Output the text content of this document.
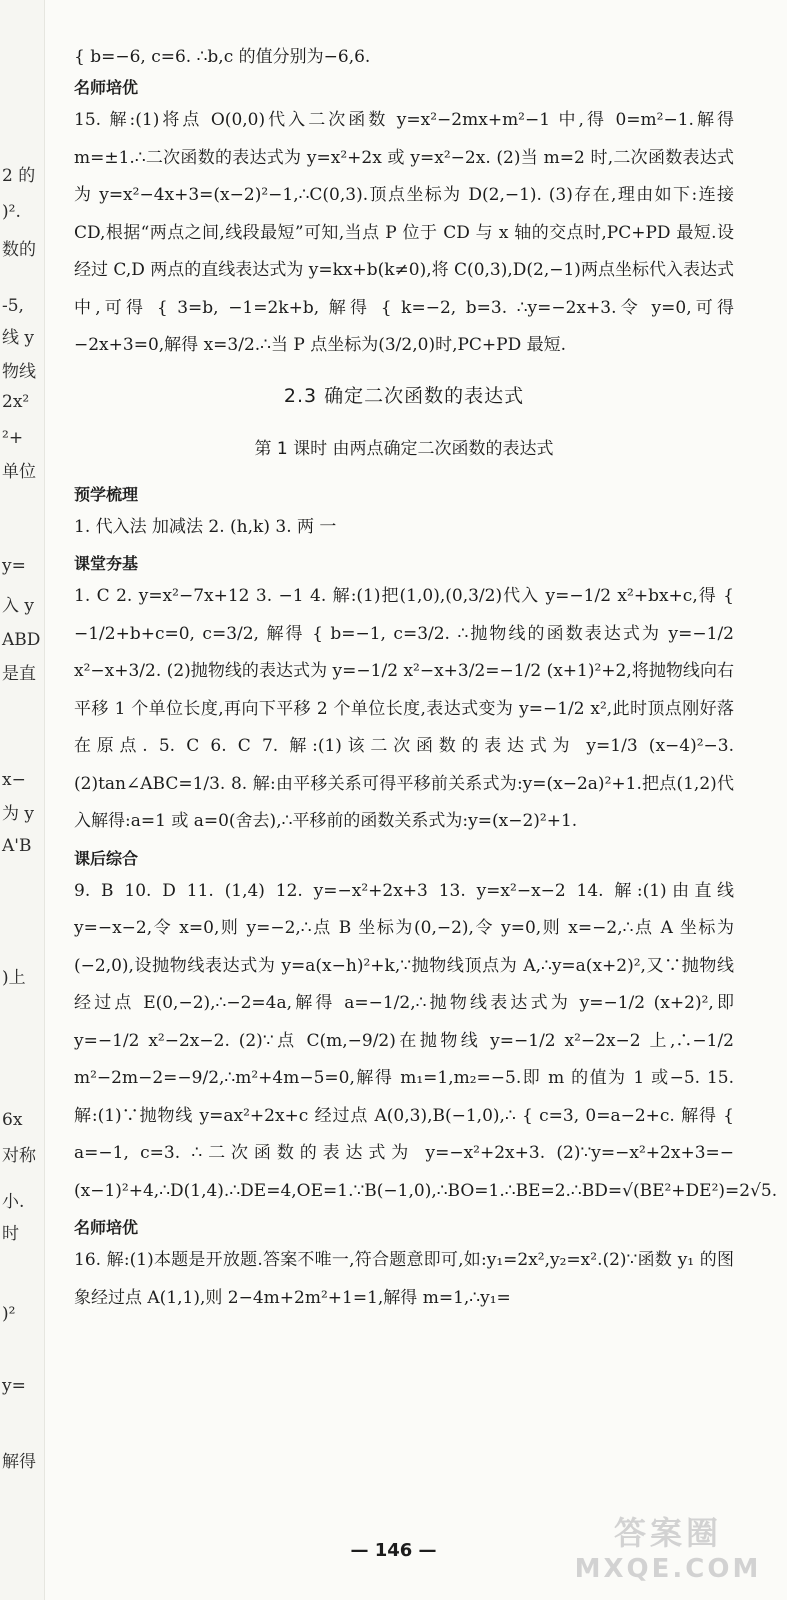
2 的
)².
数的
-5,
线 y
物线
2x²
²+
单位
y=
入 y
ABD
是直
x−
为 y
A'B
)上
6x
对称
小.
时
)²
y=
解得

{ b=−6, c=6. ∴b,c 的值分别为−6,6.

名师培优

15. 解:(1)将点 O(0,0)代入二次函数 y=x²−2mx+m²−1 中,得 0=m²−1.解得 m=±1.∴二次函数的表达式为 y=x²+2x 或 y=x²−2x. (2)当 m=2 时,二次函数表达式为 y=x²−4x+3=(x−2)²−1,∴C(0,3).顶点坐标为 D(2,−1). (3)存在,理由如下:连接 CD,根据“两点之间,线段最短”可知,当点 P 位于 CD 与 x 轴的交点时,PC+PD 最短.设经过 C,D 两点的直线表达式为 y=kx+b(k≠0),将 C(0,3),D(2,−1)两点坐标代入表达式中,可得 { 3=b, −1=2k+b, 解得 { k=−2, b=3. ∴y=−2x+3.令 y=0,可得−2x+3=0,解得 x=3/2.∴当 P 点坐标为(3/2,0)时,PC+PD 最短.

2.3 确定二次函数的表达式

第 1 课时 由两点确定二次函数的表达式

预学梳理

1. 代入法 加减法 2. (h,k) 3. 两 一

课堂夯基

1. C 2. y=x²−7x+12 3. −1 4. 解:(1)把(1,0),(0,3/2)代入 y=−1/2 x²+bx+c,得 { −1/2+b+c=0, c=3/2, 解得 { b=−1, c=3/2. ∴抛物线的函数表达式为 y=−1/2 x²−x+3/2. (2)抛物线的表达式为 y=−1/2 x²−x+3/2=−1/2 (x+1)²+2,将抛物线向右平移 1 个单位长度,再向下平移 2 个单位长度,表达式变为 y=−1/2 x²,此时顶点刚好落在原点. 5. C 6. C 7. 解:(1)该二次函数的表达式为 y=1/3 (x−4)²−3. (2)tan∠ABC=1/3. 8. 解:由平移关系可得平移前关系式为:y=(x−2a)²+1.把点(1,2)代入解得:a=1 或 a=0(舍去),∴平移前的函数关系式为:y=(x−2)²+1.

课后综合

9. B 10. D 11. (1,4) 12. y=−x²+2x+3 13. y=x²−x−2 14. 解:(1)由直线 y=−x−2,令 x=0,则 y=−2,∴点 B 坐标为(0,−2),令 y=0,则 x=−2,∴点 A 坐标为(−2,0),设抛物线表达式为 y=a(x−h)²+k,∵抛物线顶点为 A,∴y=a(x+2)²,又∵抛物线经过点 E(0,−2),∴−2=4a,解得 a=−1/2,∴抛物线表达式为 y=−1/2 (x+2)²,即 y=−1/2 x²−2x−2. (2)∵点 C(m,−9/2)在抛物线 y=−1/2 x²−2x−2 上,∴−1/2 m²−2m−2=−9/2,∴m²+4m−5=0,解得 m₁=1,m₂=−5.即 m 的值为 1 或−5. 15. 解:(1)∵抛物线 y=ax²+2x+c 经过点 A(0,3),B(−1,0),∴ { c=3, 0=a−2+c. 解得 { a=−1, c=3. ∴二次函数的表达式为 y=−x²+2x+3. (2)∵y=−x²+2x+3=−(x−1)²+4,∴D(1,4).∴DE=4,OE=1.∵B(−1,0),∴BO=1.∴BE=2.∴BD=√(BE²+DE²)=2√5.

名师培优

16. 解:(1)本题是开放题.答案不唯一,符合题意即可,如:y₁=2x²,y₂=x².(2)∵函数 y₁ 的图象经过点 A(1,1),则 2−4m+2m²+1=1,解得 m=1,∴y₁=

— 146 —	答案圈
MXQE.COM
